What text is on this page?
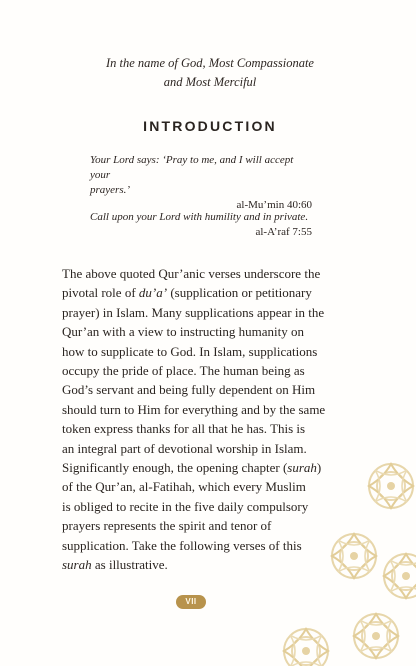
In the name of God, Most Compassionate
and Most Merciful
INTRODUCTION
Your Lord says: ‘Pray to me, and I will accept your
prayers.’
al-Mu’min 40:60
Call upon your Lord with humility and in private.
al-A’raf 7:55
The above quoted Qur’anic verses underscore the
pivotal role of du’a’ (supplication or petitionary
prayer) in Islam. Many supplications appear in the
Qur’an with a view to instructing humanity on
how to supplicate to God. In Islam, supplications
occupy the pride of place. The human being as
God’s servant and being fully dependent on Him
should turn to Him for everything and by the same
token express thanks for all that he has. This is
an integral part of devotional worship in Islam.
Significantly enough, the opening chapter (surah)
of the Qur’an, al-Fatihah, which every Muslim
is obliged to recite in the five daily compulsory
prayers represents the spirit and tenor of
supplication. Take the following verses of this
surah as illustrative.
VII
